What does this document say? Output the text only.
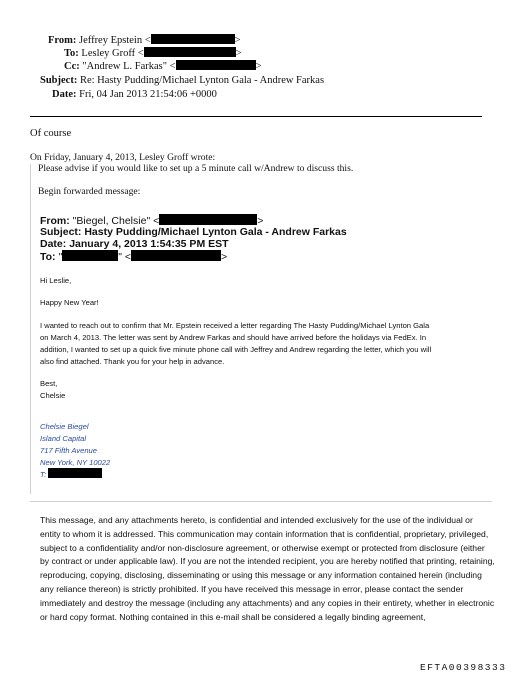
From: Jeffrey Epstein <	>
To: Lesley Groff <	>
Cc: "Andrew L. Farkas" <	>
Subject: Re: Hasty Pudding/Michael Lynton Gala - Andrew Farkas
Date: Fri, 04 Jan 2013 21:54:06 +0000
Of course
On Friday, January 4, 2013, Lesley Groff wrote:
Please advise if you would like to set up a 5 minute call w/Andrew to discuss this.
Begin forwarded message:
From: "Biegel, Chelsie" <	>
Subject: Hasty Pudding/Michael Lynton Gala - Andrew Farkas
Date: January 4, 2013 1:54:35 PM EST
To: "	" <	>
Hi Leslie,
Happy New Year!
I wanted to reach out to confirm that Mr. Epstein received a letter regarding The Hasty Pudding/Michael Lynton Gala
on March 4, 2013. The letter was sent by Andrew Farkas and should have arrived before the holidays via FedEx. In
addition, I wanted to set up a quick five minute phone call with Jeffrey and Andrew regarding the letter, which you will
also find attached. Thank you for your help in advance.
Best,
Chelsie
Chelsie Biegel
Island Capital
717 Fifth Avenue
New York, NY 10022
T:
This message, and any attachments hereto, is confidential and intended exclusively for the use of the individual or entity to whom it is addressed. This communication may contain information that is confidential, proprietary, privileged, subject to a confidentiality and/or non-disclosure agreement, or otherwise exempt or protected from disclosure (either by contract or under applicable law). If you are not the intended recipient, you are hereby notified that printing, retaining, reproducing, copying, disclosing, disseminating or using this message or any information contained herein (including any reliance thereon) is strictly prohibited. If you have received this message in error, please contact the sender immediately and destroy the message (including any attachments) and any copies in their entirety, whether in electronic or hard copy format. Nothing contained in this e-mail shall be considered a legally binding agreement,
EFTA00398333
